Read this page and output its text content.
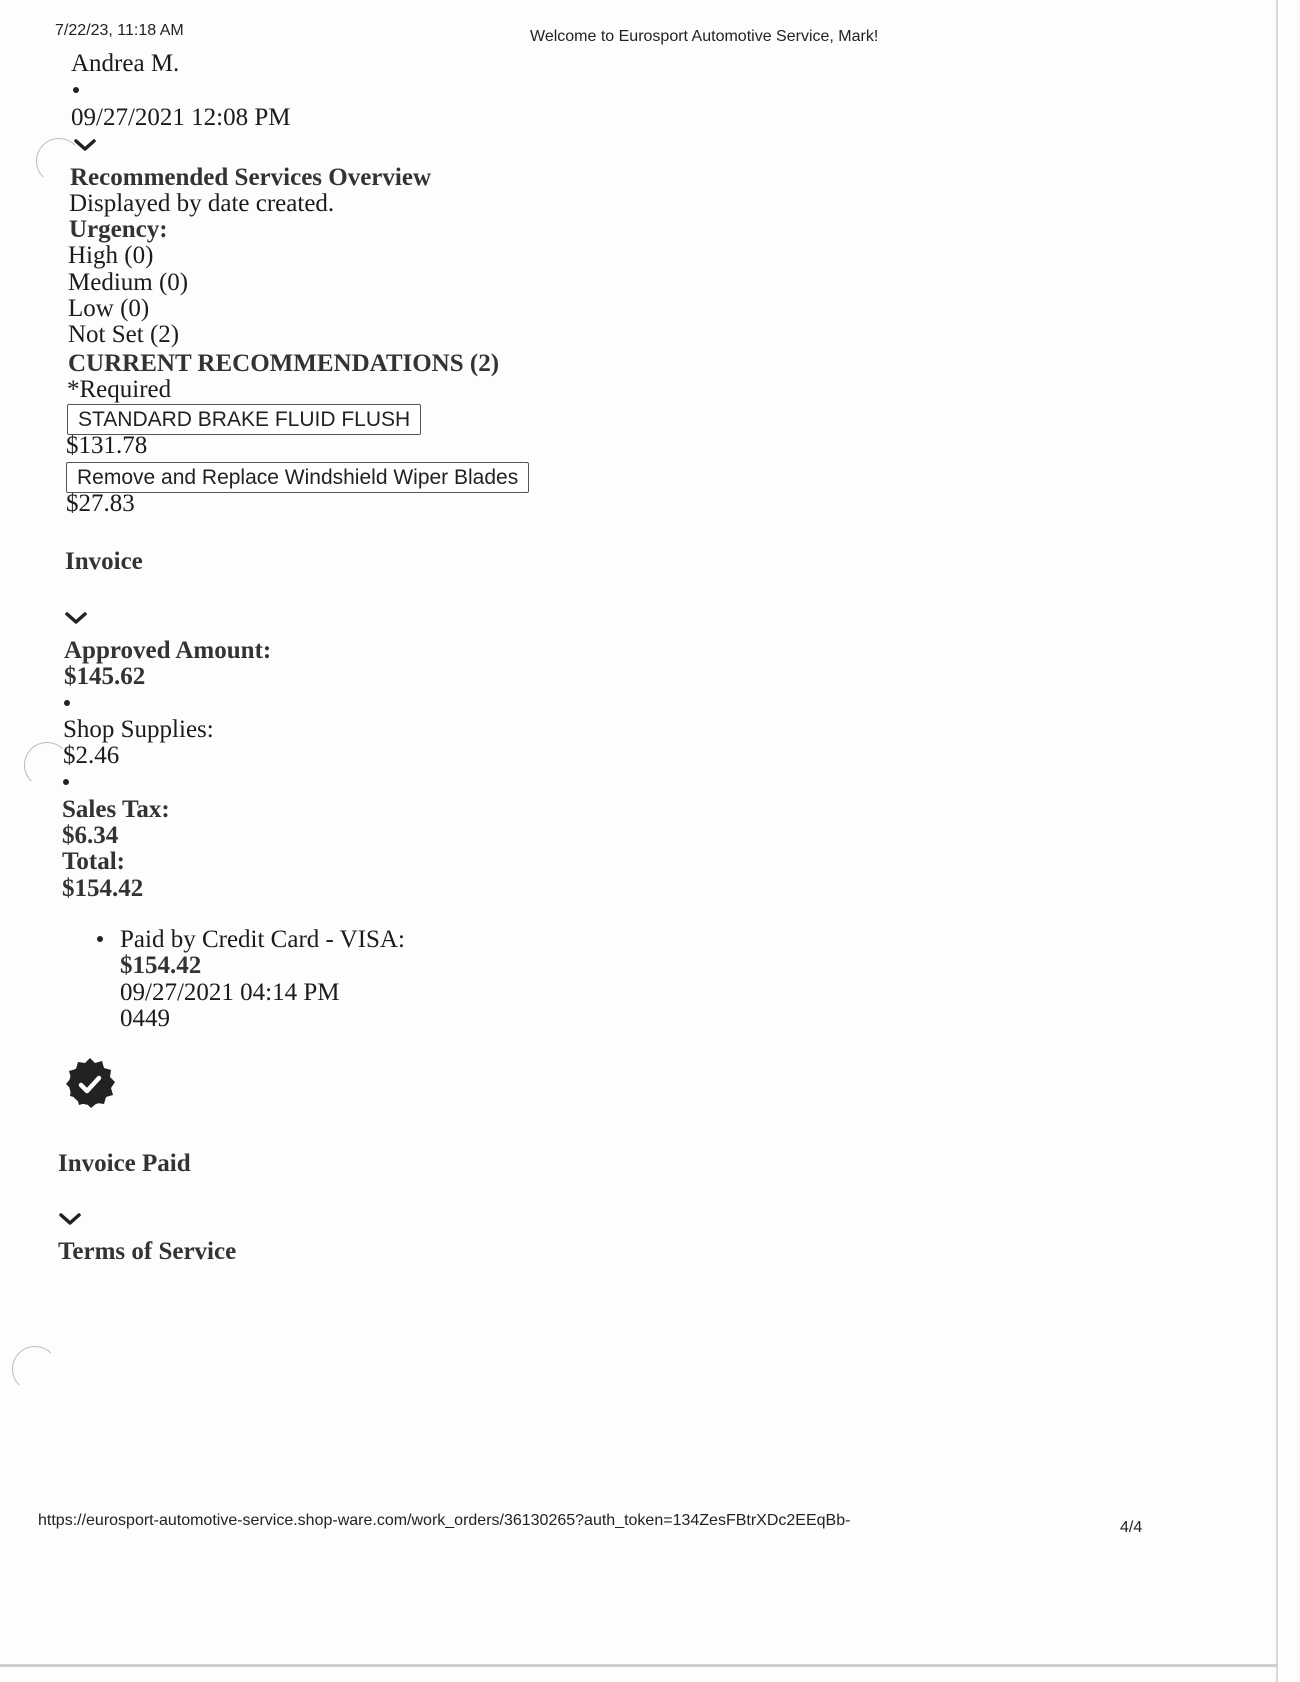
7/22/23, 11:18 AM	Welcome to Eurosport Automotive Service, Mark!
Andrea M.
09/27/2021 12:08 PM
Recommended Services Overview
Displayed by date created.
Urgency:
High (0)
Medium (0)
Low (0)
Not Set (2)
CURRENT RECOMMENDATIONS (2)
*Required
STANDARD BRAKE FLUID FLUSH
$131.78
Remove and Replace Windshield Wiper Blades
$27.83
Invoice
Approved Amount:
$145.62
Shop Supplies:
$2.46
Sales Tax:
$6.34
Total:
$154.42
Paid by Credit Card - VISA:
$154.42
09/27/2021 04:14 PM
0449
Invoice Paid
Terms of Service
https://eurosport-automotive-service.shop-ware.com/work_orders/36130265?auth_token=134ZesFBtrXDc2EEqBb-	4/4
